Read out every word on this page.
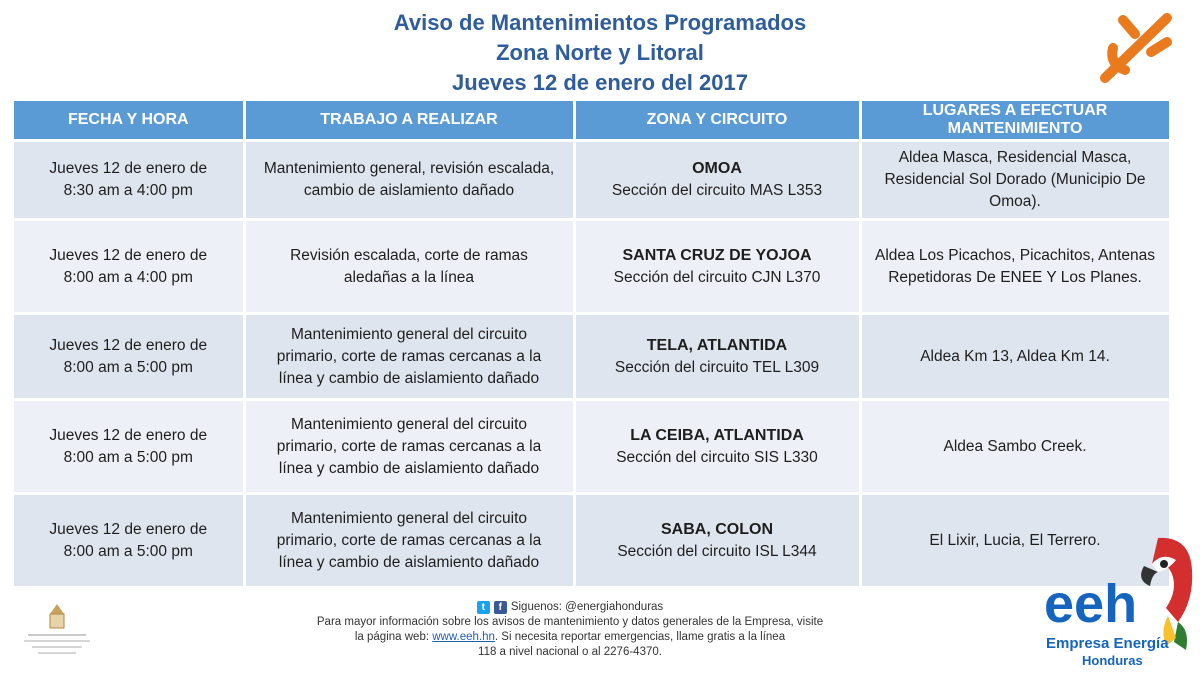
Aviso de Mantenimientos Programados
Zona Norte y Litoral
Jueves 12 de enero del 2017
FECHA Y HORA	TRABAJO A REALIZAR	ZONA Y CIRCUITO	LUGARES A EFECTUAR MANTENIMIENTO

Jueves 12 de enero de
8:30 am a 4:00 pm	Mantenimiento general, revisión escalada,
cambio de aislamiento dañado	OMOA
Sección del circuito MAS L353	Aldea Masca, Residencial Masca,
Residencial Sol Dorado (Municipio De
Omoa).

Jueves 12 de enero de
8:00 am a 4:00 pm	Revisión escalada, corte de ramas
aledañas a la línea	SANTA CRUZ DE YOJOA
Sección del circuito CJN L370	Aldea Los Picachos, Picachitos, Antenas
Repetidoras De ENEE Y Los Planes.

Jueves 12 de enero de
8:00 am a 5:00 pm	Mantenimiento general del circuito
primario, corte de ramas cercanas a la
línea y cambio de aislamiento dañado	TELA, ATLANTIDA
Sección del circuito TEL L309	Aldea Km 13, Aldea Km 14.

Jueves 12 de enero de
8:00 am a 5:00 pm	Mantenimiento general del circuito
primario, corte de ramas cercanas a la
línea y cambio de aislamiento dañado	LA CEIBA, ATLANTIDA
Sección del circuito SIS L330	Aldea Sambo Creek.

Jueves 12 de enero de
8:00 am a 5:00 pm	Mantenimiento general del circuito
primario, corte de ramas cercanas a la
línea y cambio de aislamiento dañado	SABA, COLON
Sección del circuito ISL L344	El Lixir, Lucia, El Terrero.
t	f Siguenos: @energiahonduras
Para mayor información sobre los avisos de mantenimiento y datos generales de la Empresa, visite
la página web: www.eeh.hn. Si necesita reportar emergencias, llame gratis a la línea
118 a nivel nacional o al 2276-4370.
eeh
Empresa Energía
Honduras
